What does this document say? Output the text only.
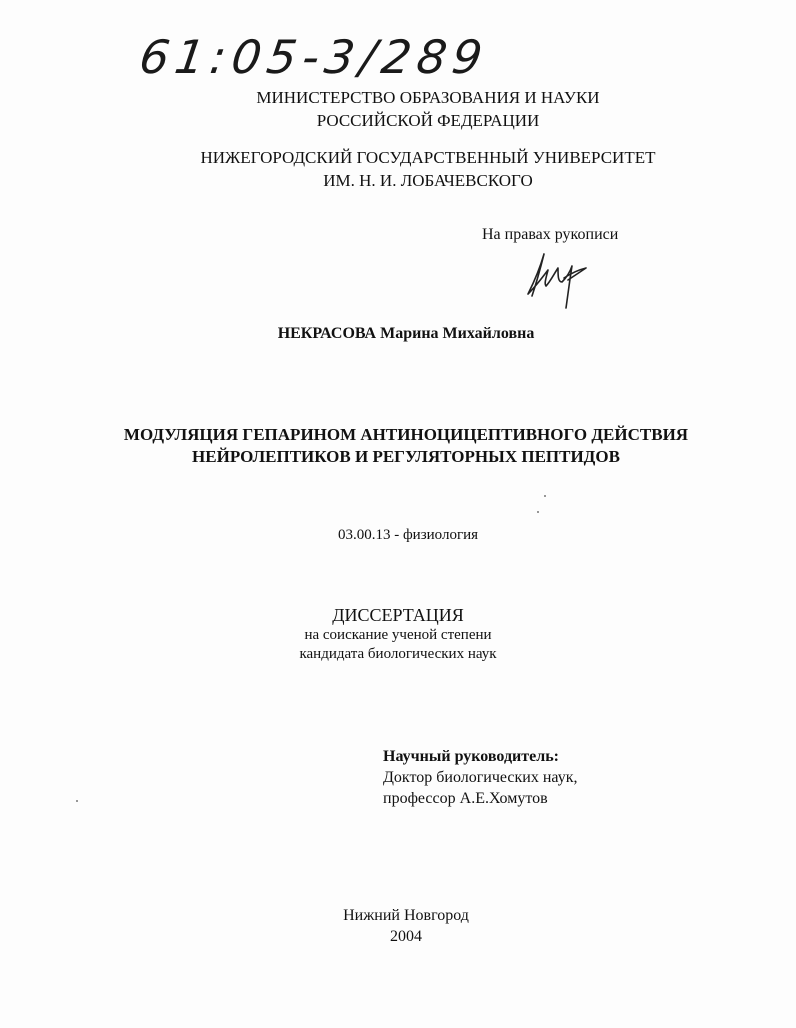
61:05-3/289
МИНИСТЕРСТВО ОБРАЗОВАНИЯ И НАУКИ
РОССИЙСКОЙ ФЕДЕРАЦИИ
НИЖЕГОРОДСКИЙ ГОСУДАРСТВЕННЫЙ УНИВЕРСИТЕТ
ИМ. Н. И. ЛОБАЧЕВСКОГО
На правах рукописи
НЕКРАСОВА Марина Михайловна
МОДУЛЯЦИЯ ГЕПАРИНОМ АНТИНОЦИЦЕПТИВНОГО ДЕЙСТВИЯ
НЕЙРОЛЕПТИКОВ И РЕГУЛЯТОРНЫХ ПЕПТИДОВ
03.00.13 - физиология
ДИССЕРТАЦИЯ
на соискание ученой степени
кандидата биологических наук
Научный руководитель:
Доктор биологических наук,
профессор А.Е.Хомутов
Нижний Новгород
2004
